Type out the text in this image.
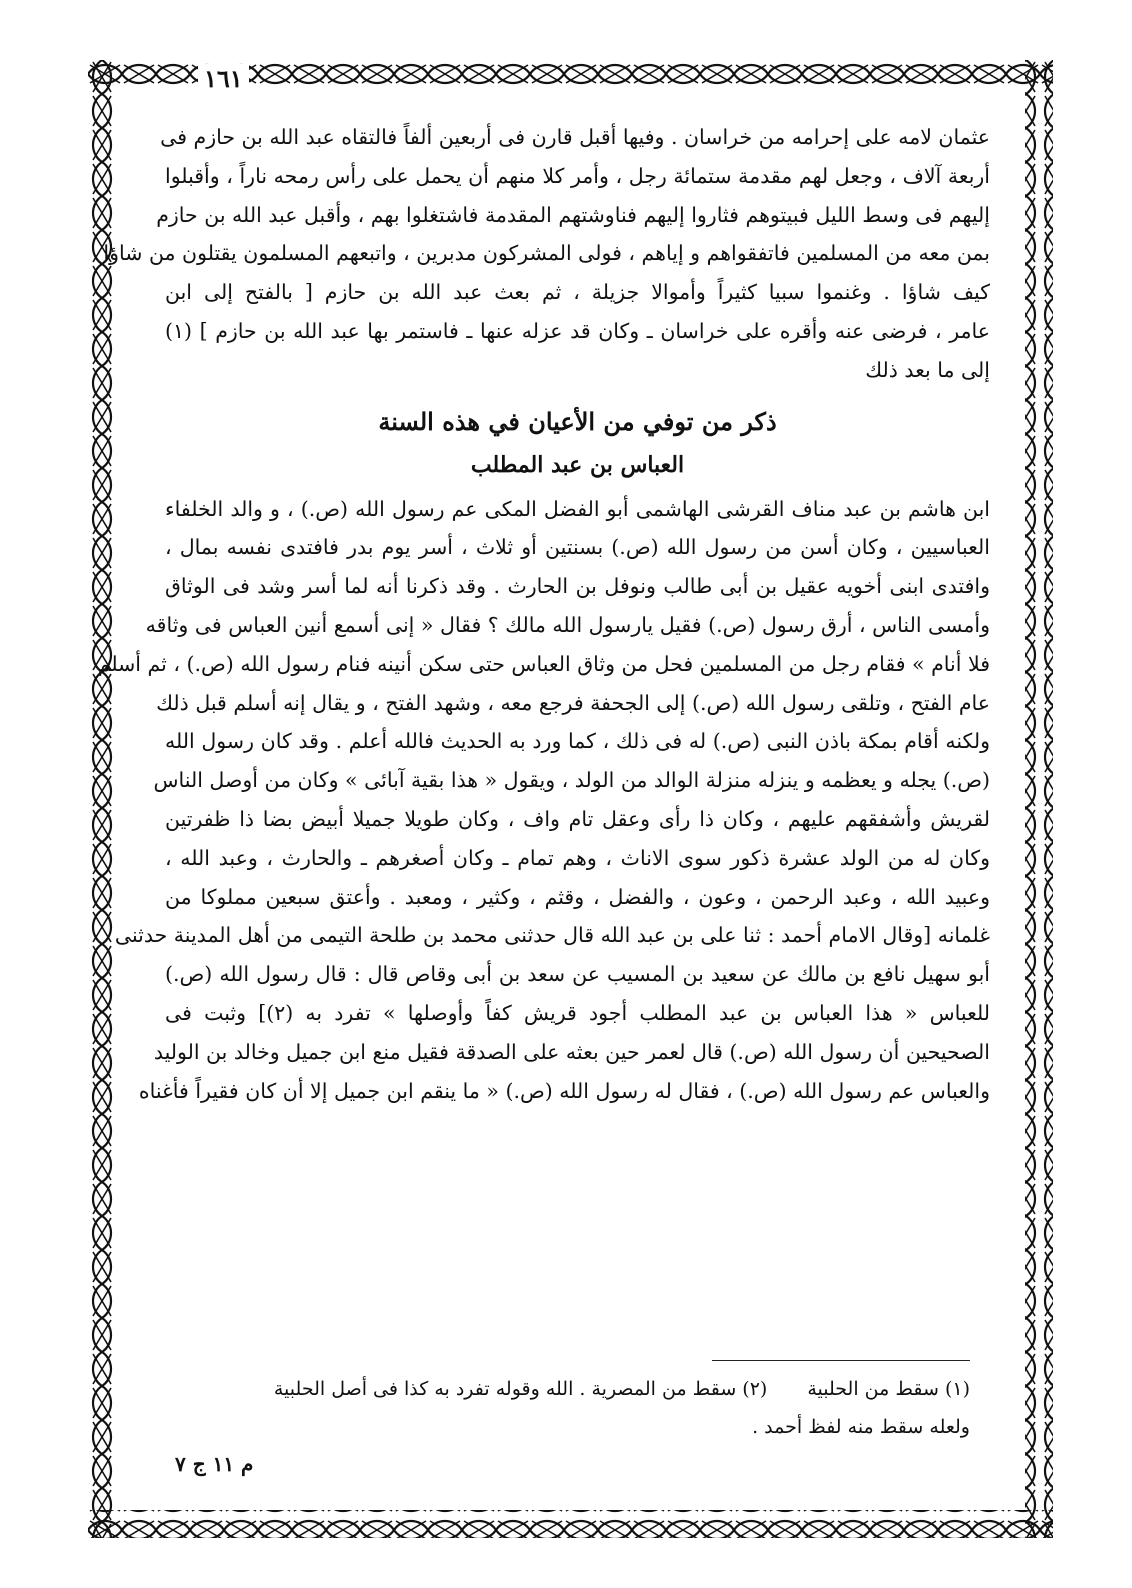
١٦١

عثمان لامه على إحرامه من خراسان . وفيها أقبل قارن فى أربعين ألفاً فالتقاه عبد الله بن حازم فى
أربعة آلاف ، وجعل لهم مقدمة ستمائة رجل ، وأمر كلا منهم أن يحمل على رأس رمحه ناراً ، وأقبلوا
إليهم فى وسط الليل فبيتوهم فثاروا إليهم فناوشتهم المقدمة فاشتغلوا بهم ، وأقبل عبد الله بن حازم
بمن معه من المسلمين فاتفقواهم و إياهم ، فولى المشركون مدبرين ، واتبعهم المسلمون يقتلون من شاؤا
كيف شاؤا . وغنموا سبيا كثيراً وأموالا جزيلة ، ثم بعث عبد الله بن حازم [ بالفتح إلى ابن
عامر ، فرضى عنه وأقره على خراسان ـ وكان قد عزله عنها ـ فاستمر بها عبد الله بن حازم ] (١)
إلى ما بعد ذلك

ذكر من توفي من الأعيان في هذه السنة
العباس بن عبد المطلب

ابن هاشم بن عبد مناف القرشى الهاشمى أبو الفضل المكى عم رسول الله (ص.) ، و والد الخلفاء
العباسيين ، وكان أسن من رسول الله (ص.) بسنتين أو ثلاث ، أسر يوم بدر فافتدى نفسه بمال ،
وافتدى ابنى أخويه عقيل بن أبى طالب ونوفل بن الحارث . وقد ذكرنا أنه لما أسر وشد فى الوثاق
وأمسى الناس ، أرق رسول (ص.) فقيل يارسول الله مالك ؟ فقال « إنى أسمع أنين العباس فى وثاقه
فلا أنام » فقام رجل من المسلمين فحل من وثاق العباس حتى سكن أنينه فنام رسول الله (ص.) ، ثم أسلم
عام الفتح ، وتلقى رسول الله (ص.) إلى الجحفة فرجع معه ، وشهد الفتح ، و يقال إنه أسلم قبل ذلك
ولكنه أقام بمكة باذن النبى (ص.) له فى ذلك ، كما ورد به الحديث فالله أعلم . وقد كان رسول الله
(ص.) يجله و يعظمه و ينزله منزلة الوالد من الولد ، ويقول « هذا بقية آبائى » وكان من أوصل الناس
لقريش وأشفقهم عليهم ، وكان ذا رأى وعقل تام واف ، وكان طويلا جميلا أبيض بضا ذا ظفرتين
وكان له من الولد عشرة ذكور سوى الاناث ، وهم تمام ـ وكان أصغرهم ـ والحارث ، وعبد الله ،
وعبيد الله ، وعبد الرحمن ، وعون ، والفضل ، وقثم ، وكثير ، ومعبد . وأعتق سبعين مملوكا من
غلمانه [وقال الامام أحمد : ثنا على بن عبد الله قال حدثنى محمد بن طلحة التيمى من أهل المدينة حدثنى
أبو سهيل نافع بن مالك عن سعيد بن المسيب عن سعد بن أبى وقاص قال : قال رسول الله (ص.)
للعباس « هذا العباس بن عبد المطلب أجود قريش كفاً وأوصلها » تفرد به (٢)] وثبت فى
الصحيحين أن رسول الله (ص.) قال لعمر حين بعثه على الصدقة فقيل منع ابن جميل وخالد بن الوليد
والعباس عم رسول الله (ص.) ، فقال له رسول الله (ص.) « ما ينقم ابن جميل إلا أن كان فقيراً فأغناه

(١) سقط من الحلبية
(٢) سقط من المصرية . الله وقوله تفرد به كذا فى أصل الحلبية
ولعله سقط منه لفظ أحمد .
م ١١ ج ٧
